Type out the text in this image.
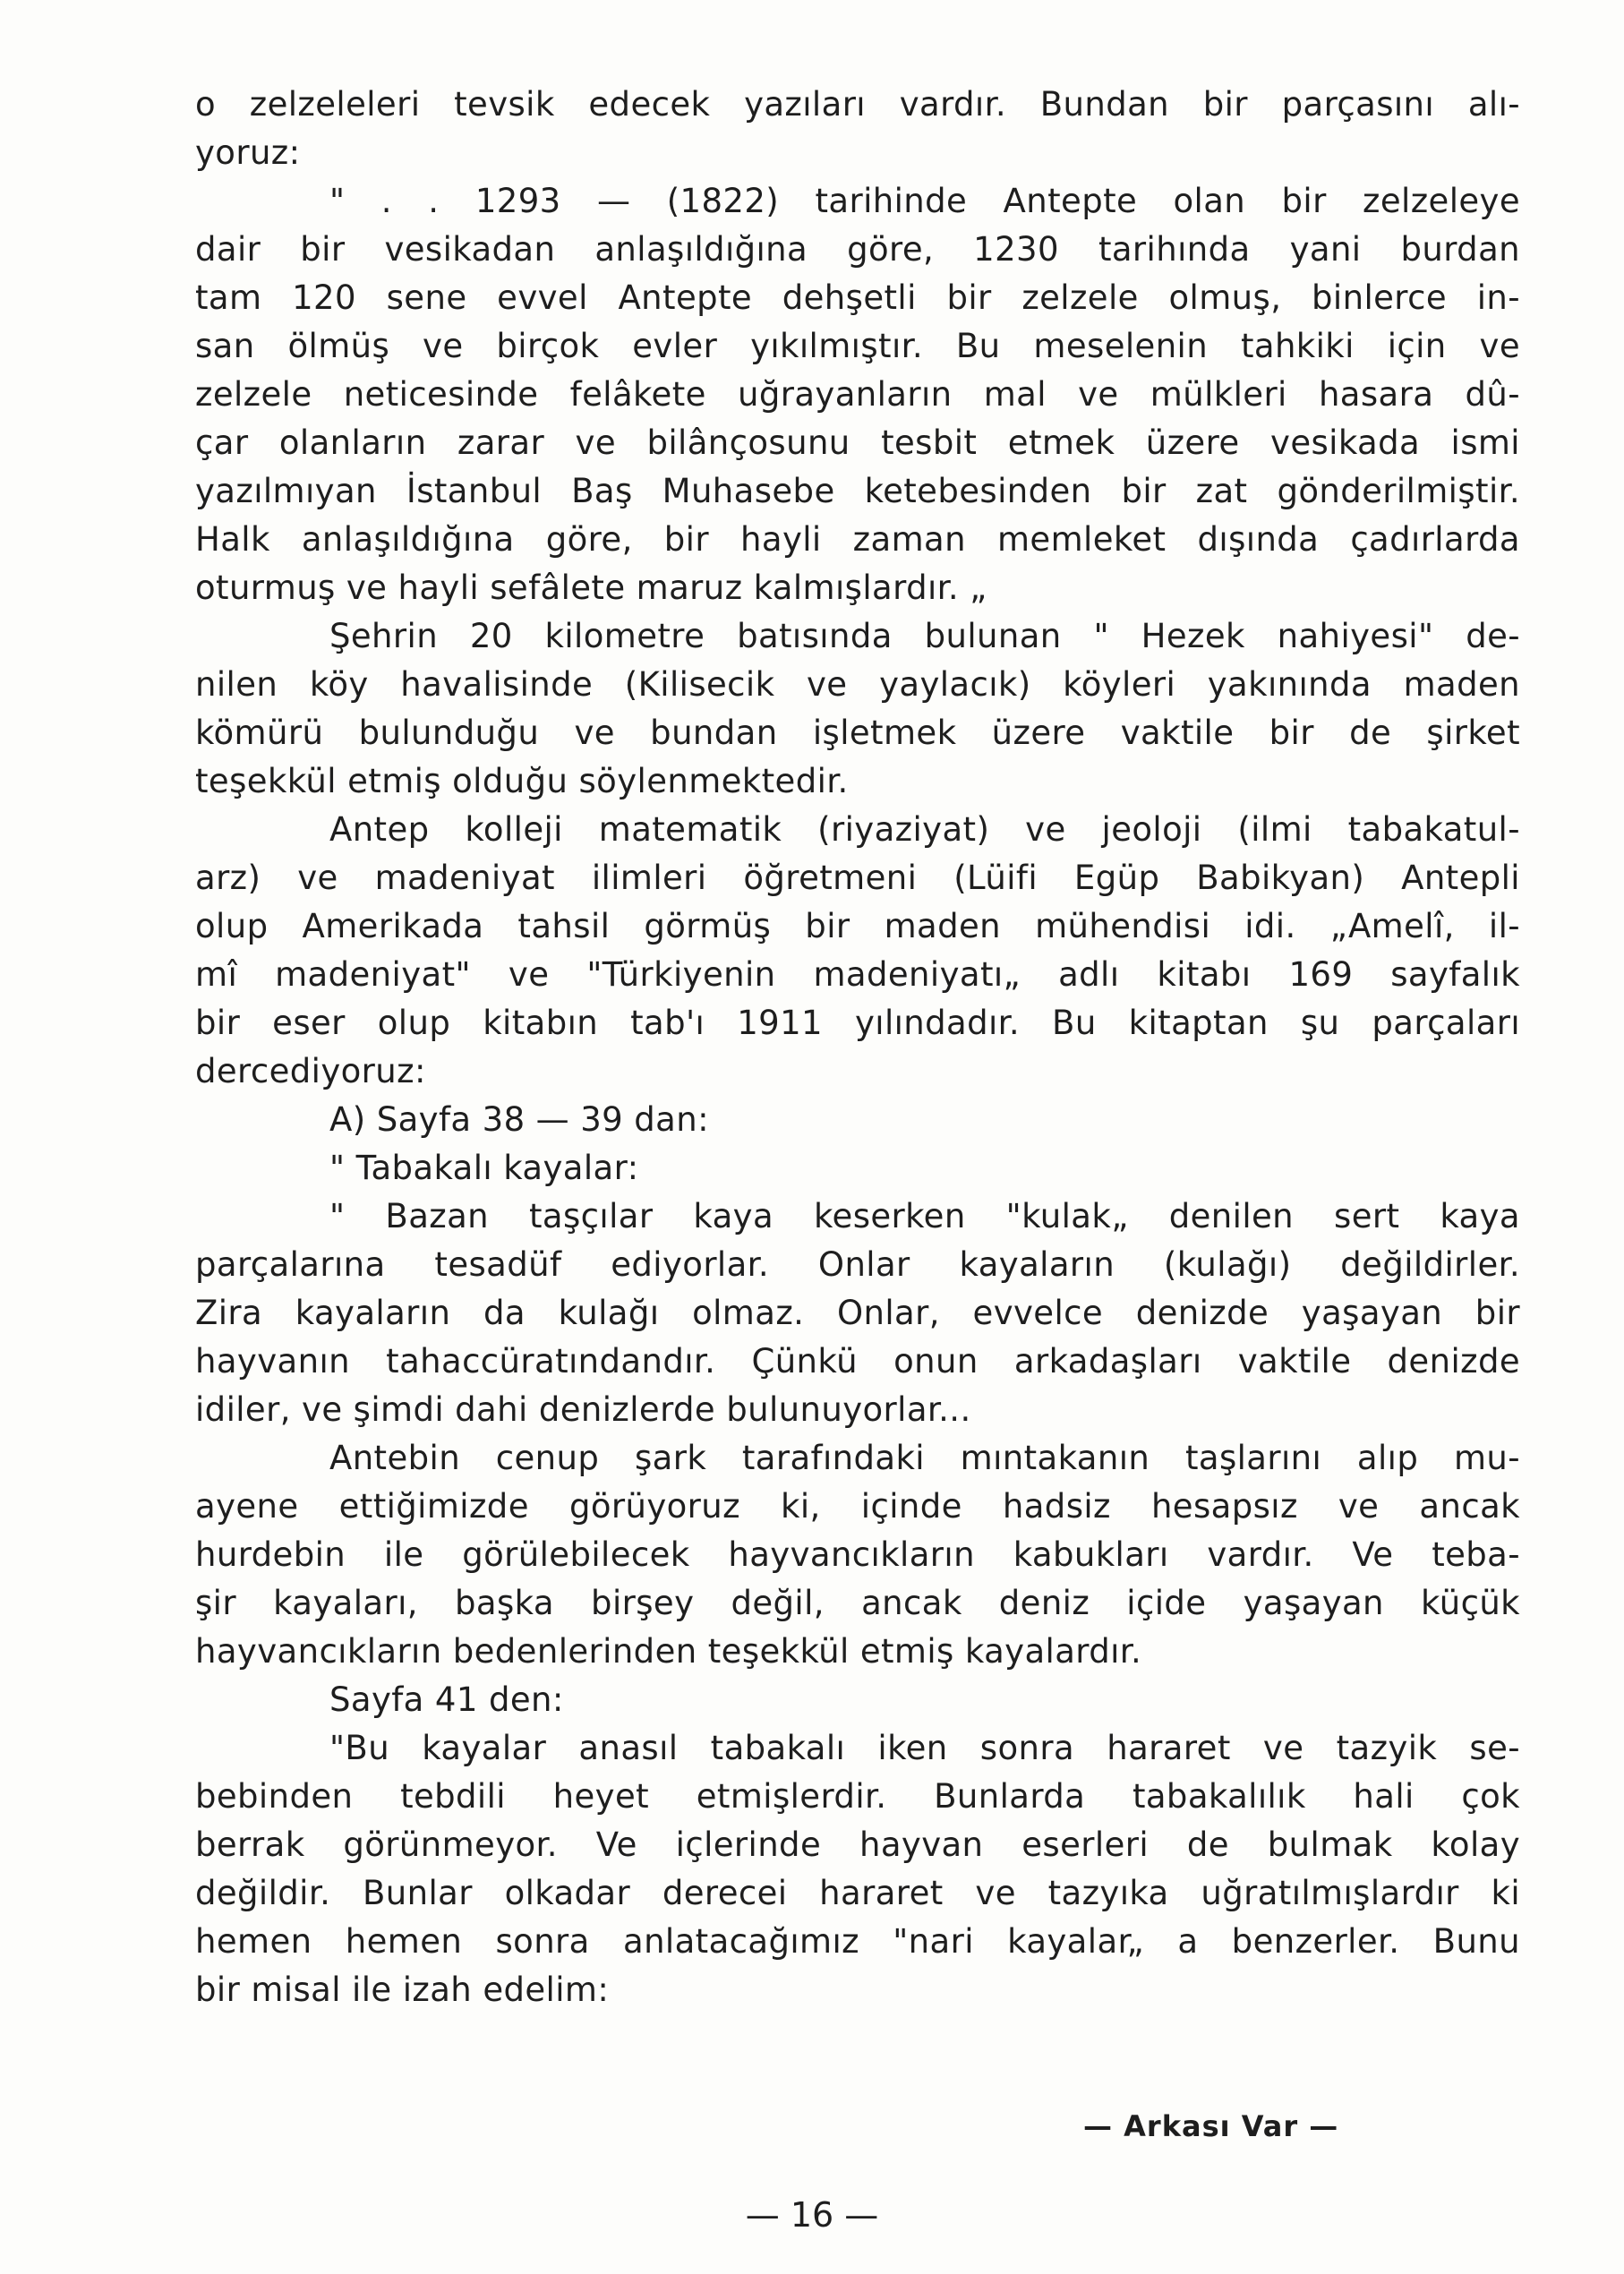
o zelzeleleri tevsik edecek yazıları vardır. Bundan bir parçasını alı-
yoruz:
" . . 1293 — (1822) tarihinde Antepte olan bir zelzeleye
dair bir vesikadan anlaşıldığına göre, 1230 tarihında yani burdan
tam 120 sene evvel Antepte dehşetli bir zelzele olmuş, binlerce in-
san ölmüş ve birçok evler yıkılmıştır. Bu meselenin tahkiki için ve
zelzele neticesinde felâkete uğrayanların mal ve mülkleri hasara dû-
çar olanların zarar ve bilânçosunu tesbit etmek üzere vesikada ismi
yazılmıyan İstanbul Baş Muhasebe ketebesinden bir zat gönderilmiştir.
Halk anlaşıldığına göre, bir hayli zaman memleket dışında çadırlarda
oturmuş ve hayli sefâlete maruz kalmışlardır. „
Şehrin 20 kilometre batısında bulunan " Hezek nahiyesi" de-
nilen köy havalisinde (Kilisecik ve yaylacık) köyleri yakınında maden
kömürü bulunduğu ve bundan işletmek üzere vaktile bir de şirket
teşekkül etmiş olduğu söylenmektedir.
Antep kolleji matematik (riyaziyat) ve jeoloji (ilmi tabakatul-
arz) ve madeniyat ilimleri öğretmeni (Lüifi Egüp Babikyan) Antepli
olup Amerikada tahsil görmüş bir maden mühendisi idi. „Amelî, il-
mî madeniyat" ve "Türkiyenin madeniyatı„ adlı kitabı 169 sayfalık
bir eser olup kitabın tab'ı 1911 yılındadır. Bu kitaptan şu parçaları
dercediyoruz:
A) Sayfa 38 — 39 dan:
" Tabakalı kayalar:
" Bazan taşçılar kaya keserken "kulak„ denilen sert kaya
parçalarına tesadüf ediyorlar. Onlar kayaların (kulağı) değildirler.
Zira kayaların da kulağı olmaz. Onlar, evvelce denizde yaşayan bir
hayvanın tahaccüratındandır. Çünkü onun arkadaşları vaktile denizde
idiler, ve şimdi dahi denizlerde bulunuyorlar...
Antebin cenup şark tarafındaki mıntakanın taşlarını alıp mu-
ayene ettiğimizde görüyoruz ki, içinde hadsiz hesapsız ve ancak
hurdebin ile görülebilecek hayvancıkların kabukları vardır. Ve teba-
şir kayaları, başka birşey değil, ancak deniz içide yaşayan küçük
hayvancıkların bedenlerinden teşekkül etmiş kayalardır.
Sayfa 41 den:
"Bu kayalar anasıl tabakalı iken sonra hararet ve tazyik se-
bebinden tebdili heyet etmişlerdir. Bunlarda tabakalılık hali çok
berrak görünmeyor. Ve içlerinde hayvan eserleri de bulmak kolay
değildir. Bunlar olkadar derecei hararet ve tazyıka uğratılmışlardır ki
hemen hemen sonra anlatacağımız "nari kayalar„ a benzerler. Bunu
bir misal ile izah edelim:
— Arkası Var —
— 16 —
